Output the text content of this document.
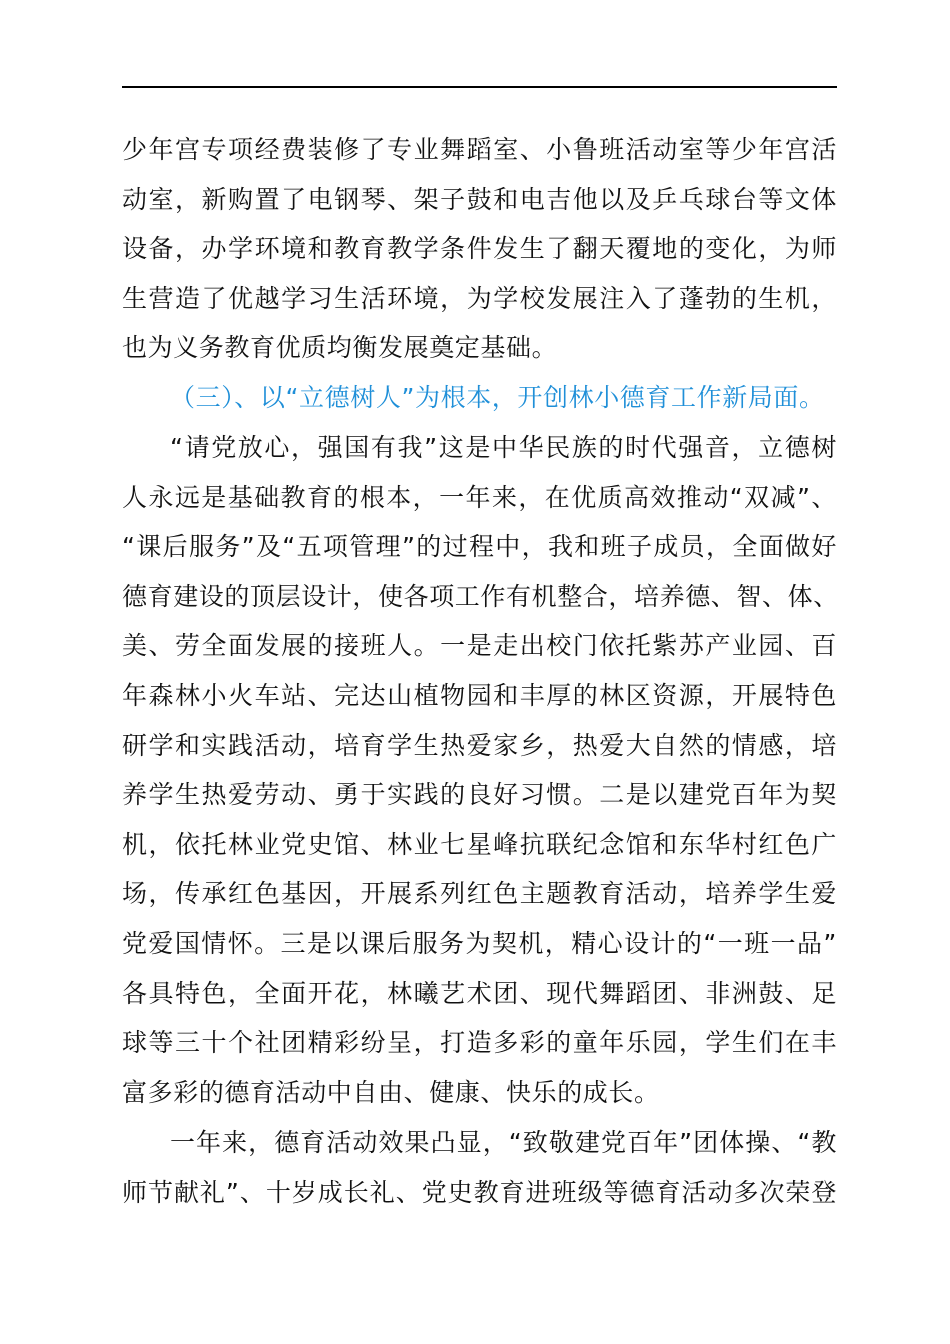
少年宫专项经费装修了专业舞蹈室、小鲁班活动室等少年宫活
动室，新购置了电钢琴、架子鼓和电吉他以及乒乓球台等文体
设备，办学环境和教育教学条件发生了翻天覆地的变化，为师
生营造了优越学习生活环境，为学校发展注入了蓬勃的生机，
也为义务教育优质均衡发展奠定基础。
（三）、以“立德树人”为根本，开创林小德育工作新局面。
“请党放心，强国有我”这是中华民族的时代强音，立德树
人永远是基础教育的根本，一年来，在优质高效推动“双减”、
“课后服务”及“五项管理”的过程中，我和班子成员，全面做好
德育建设的顶层设计，使各项工作有机整合，培养德、智、体、
美、劳全面发展的接班人。一是走出校门依托紫苏产业园、百
年森林小火车站、完达山植物园和丰厚的林区资源，开展特色
研学和实践活动，培育学生热爱家乡，热爱大自然的情感，培
养学生热爱劳动、勇于实践的良好习惯。二是以建党百年为契
机，依托林业党史馆、林业七星峰抗联纪念馆和东华村红色广
场，传承红色基因，开展系列红色主题教育活动，培养学生爱
党爱国情怀。三是以课后服务为契机，精心设计的“一班一品”
各具特色，全面开花，林曦艺术团、现代舞蹈团、非洲鼓、足
球等三十个社团精彩纷呈，打造多彩的童年乐园，学生们在丰
富多彩的德育活动中自由、健康、快乐的成长。
一年来，德育活动效果凸显，“致敬建党百年”团体操、“教
师节献礼”、十岁成长礼、党史教育进班级等德育活动多次荣登
